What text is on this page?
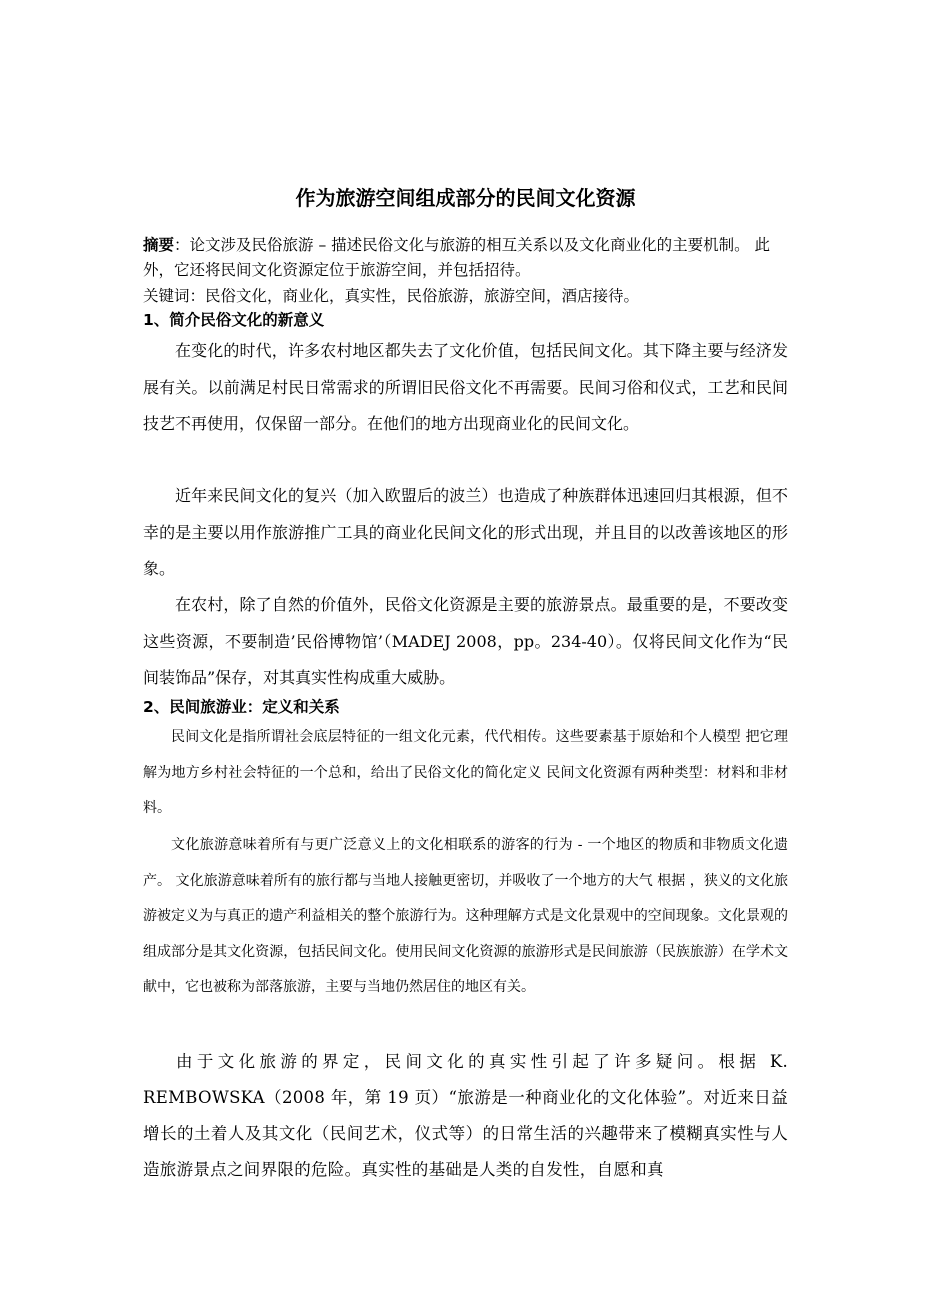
作为旅游空间组成部分的民间文化资源
摘要：论文涉及民俗旅游 – 描述民俗文化与旅游的相互关系以及文化商业化的主要机制。 此外，它还将民间文化资源定位于旅游空间，并包括招待。
关键词：民俗文化，商业化，真实性，民俗旅游，旅游空间，酒店接待。
1、简介民俗文化的新意义

在变化的时代，许多农村地区都失去了文化价值，包括民间文化。其下降主要与经济发展有关。以前满足村民日常需求的所谓旧民俗文化不再需要。民间习俗和仪式，工艺和民间技艺不再使用，仅保留一部分。在他们的地方出现商业化的民间文化。

近年来民间文化的复兴（加入欧盟后的波兰）也造成了种族群体迅速回归其根源，但不幸的是主要以用作旅游推广工具的商业化民间文化的形式出现，并且目的以改善该地区的形象。

在农村，除了自然的价值外，民俗文化资源是主要的旅游景点。最重要的是，不要改变这些资源，不要制造’民俗博物馆’（MADEJ 2008，pp。234-40）。仅将民间文化作为“民间装饰品”保存，对其真实性构成重大威胁。

2、民间旅游业：定义和关系

民间文化是指所谓社会底层特征的一组文化元素，代代相传。这些要素基于原始和个人模型 把它理解为地方乡村社会特征的一个总和，给出了民俗文化的简化定义 民间文化资源有两种类型：材料和非材料。

文化旅游意味着所有与更广泛意义上的文化相联系的游客的行为 - 一个地区的物质和非物质文化遗产。 文化旅游意味着所有的旅行都与当地人接触更密切，并吸收了一个地方的大气 根据 ，狭义的文化旅游被定义为与真正的遗产利益相关的整个旅游行为。这种理解方式是文化景观中的空间现象。文化景观的组成部分是其文化资源，包括民间文化。使用民间文化资源的旅游形式是民间旅游（民族旅游）在学术文献中，它也被称为部落旅游，主要与当地仍然居住的地区有关。

由于文化旅游的界定，民间文化的真实性引起了许多疑问。根据 K. REMBOWSKA（2008 年，第 19 页）“旅游是一种商业化的文化体验”。对近来日益增长的土着人及其文化（民间艺术，仪式等）的日常生活的兴趣带来了模糊真实性与人造旅游景点之间界限的危险。真实性的基础是人类的自发性，自愿和真
